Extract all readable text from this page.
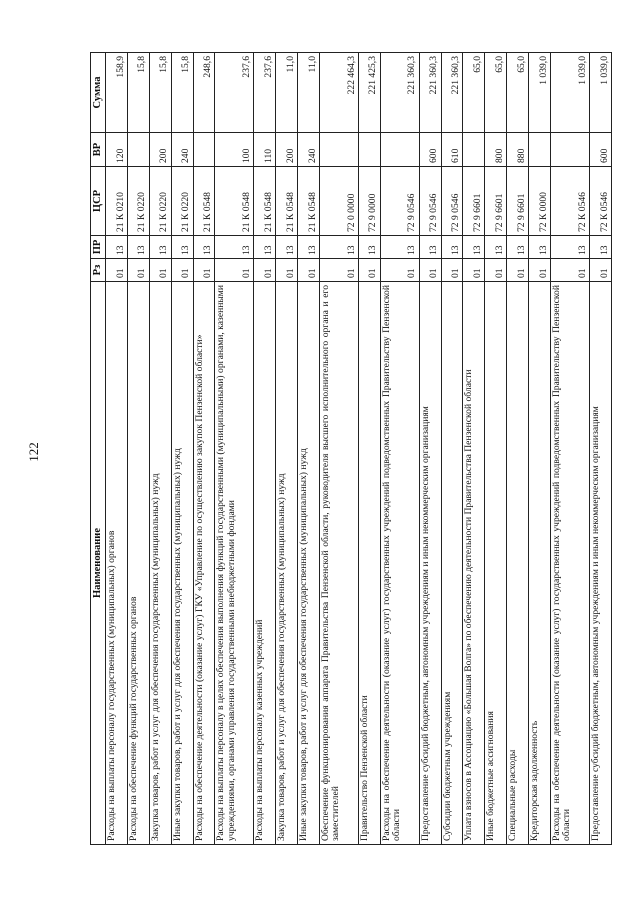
122
Наименование	Рз	ПР	ЦСР	ВР	Сумма
Расходы на выплаты персоналу государственных (муниципальных) органов	01	13	21 К 0210	120	158,9
Расходы на обеспечение функций государственных органов	01	13	21 К 0220		15,8
Закупка товаров, работ и услуг для обеспечения государственных (муниципальных) нужд	01	13	21 К 0220	200	15,8
Иные закупки товаров, работ и услуг для обеспечения государственных (муниципальных) нужд	01	13	21 К 0220	240	15,8
Расходы на обеспечение деятельности (оказание услуг) ГКУ «Управление по осуществлению закупок Пензенской области»	01	13	21 К 0548		248,6
Расходы на выплаты персоналу в целях обеспечения выполнения функций государственными (муниципальными) органами, казенными учреждениями, органами управления государственными внебюджетными фондами	01	13	21 К 0548	100	237,6
Расходы на выплаты персоналу казенных учреждений	01	13	21 К 0548	110	237,6
Закупка товаров, работ и услуг для обеспечения государственных (муниципальных) нужд	01	13	21 К 0548	200	11,0
Иные закупки товаров, работ и услуг для обеспечения государственных (муниципальных) нужд	01	13	21 К 0548	240	11,0
Обеспечение функционирования аппарата Правительства Пензенской области, руководителя высшего исполнительного органа и его заместителей	01	13	72 0 0000		222 464,3
Правительство Пензенской области	01	13	72 9 0000		221 425,3
Расходы на обеспечение деятельности (оказание услуг) государственных учреждений подведомственных Правительству Пензенской области	01	13	72 9 0546		221 360,3
Предоставление субсидий бюджетным, автономным учреждениям и иным некоммерческим организациям	01	13	72 9 0546	600	221 360,3
Субсидии бюджетным учреждениям	01	13	72 9 0546	610	221 360,3
Уплата взносов в Ассоциацию «Большая Волга» по обеспечению деятельности Правительства Пензенской области	01	13	72 9 6601		65,0
Иные бюджетные ассигнования	01	13	72 9 6601	800	65,0
Специальные расходы	01	13	72 9 6601	880	65,0
Кредиторская задолженность	01	13	72 К 0000		1 039,0
Расходы на обеспечение деятельности (оказание услуг) государственных учреждений подведомственных Правительству Пензенской области	01	13	72 К 0546		1 039,0
Предоставление субсидий бюджетным, автономным учреждениям и иным некоммерческим организациям	01	13	72 К 0546	600	1 039,0
